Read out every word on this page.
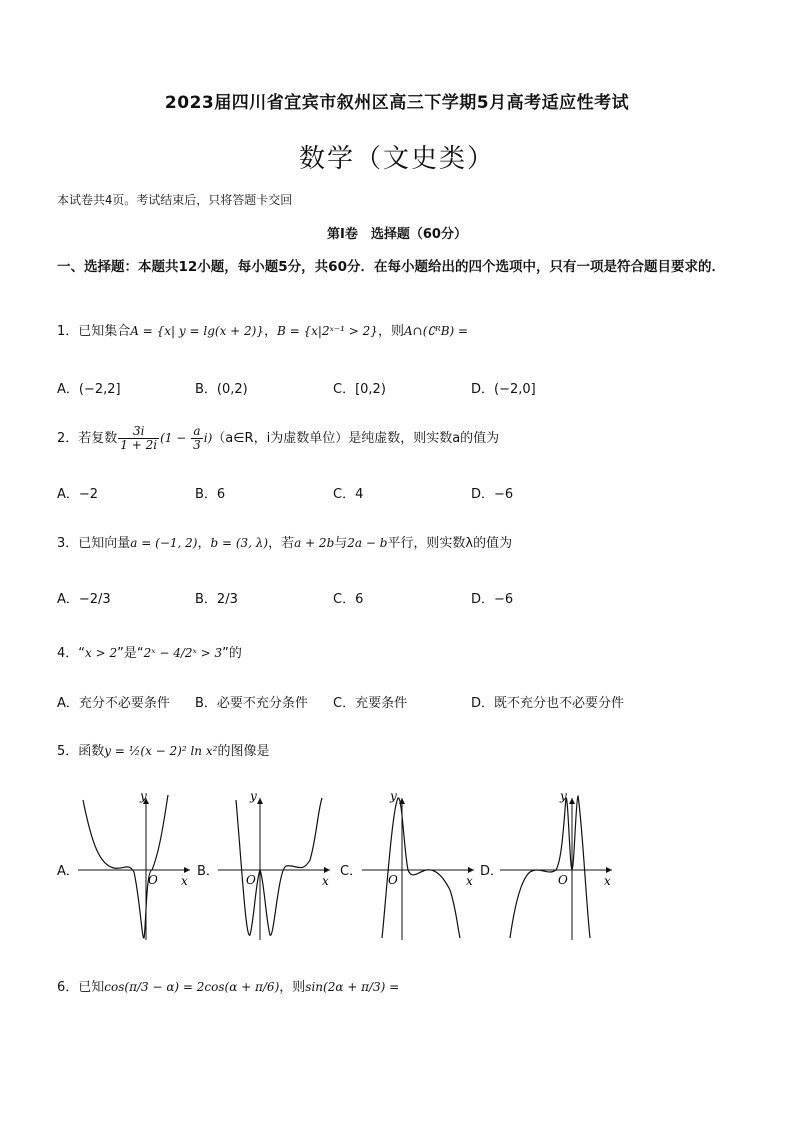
2023届四川省宜宾市叙州区高三下学期5月高考适应性考试
数学（文史类）
本试卷共4页。考试结束后，只将答题卡交回
第Ⅰ卷　选择题（60分）
一、选择题：本题共12小题，每小题5分，共60分．在每小题给出的四个选项中，只有一项是符合题目要求的．
1．已知集合A = {x| y = lg(x + 2)}，B = {x|2ˣ⁻¹ > 2}，则A∩(∁ᴿB) =
A．(−2,2]	B．(0,2)	C．[0,2)	D．(−2,0]
2．若复数 $\frac{3i}{1 + 2i} (1 - \frac{a}{3}$ i)（a∈R，i为虚数单位）是纯虚数，则实数a的值为
A．−2	B．6	C．4	D．−6
3．已知向量a = (−1, 2)，b = (3, λ)，若a + 2b与2a − b平行，则实数λ的值为
A．−2/3	B．2/3	C．6	D．−6
4．“x > 2”是“2ˣ − 4/2ˣ > 3”的
A．充分不必要条件 B．必要不充分条件 C．充要条件	D．既不充分也不必要分件
5．函数y = ½(x − 2)² ln x²的图像是
A．	B．	C．	D．
y
x
O
y
x
O
y
x
O
y
x
O
6．已知cos(π/3 − α) = 2cos(α + π/6)，则sin(2α + π/3) =
